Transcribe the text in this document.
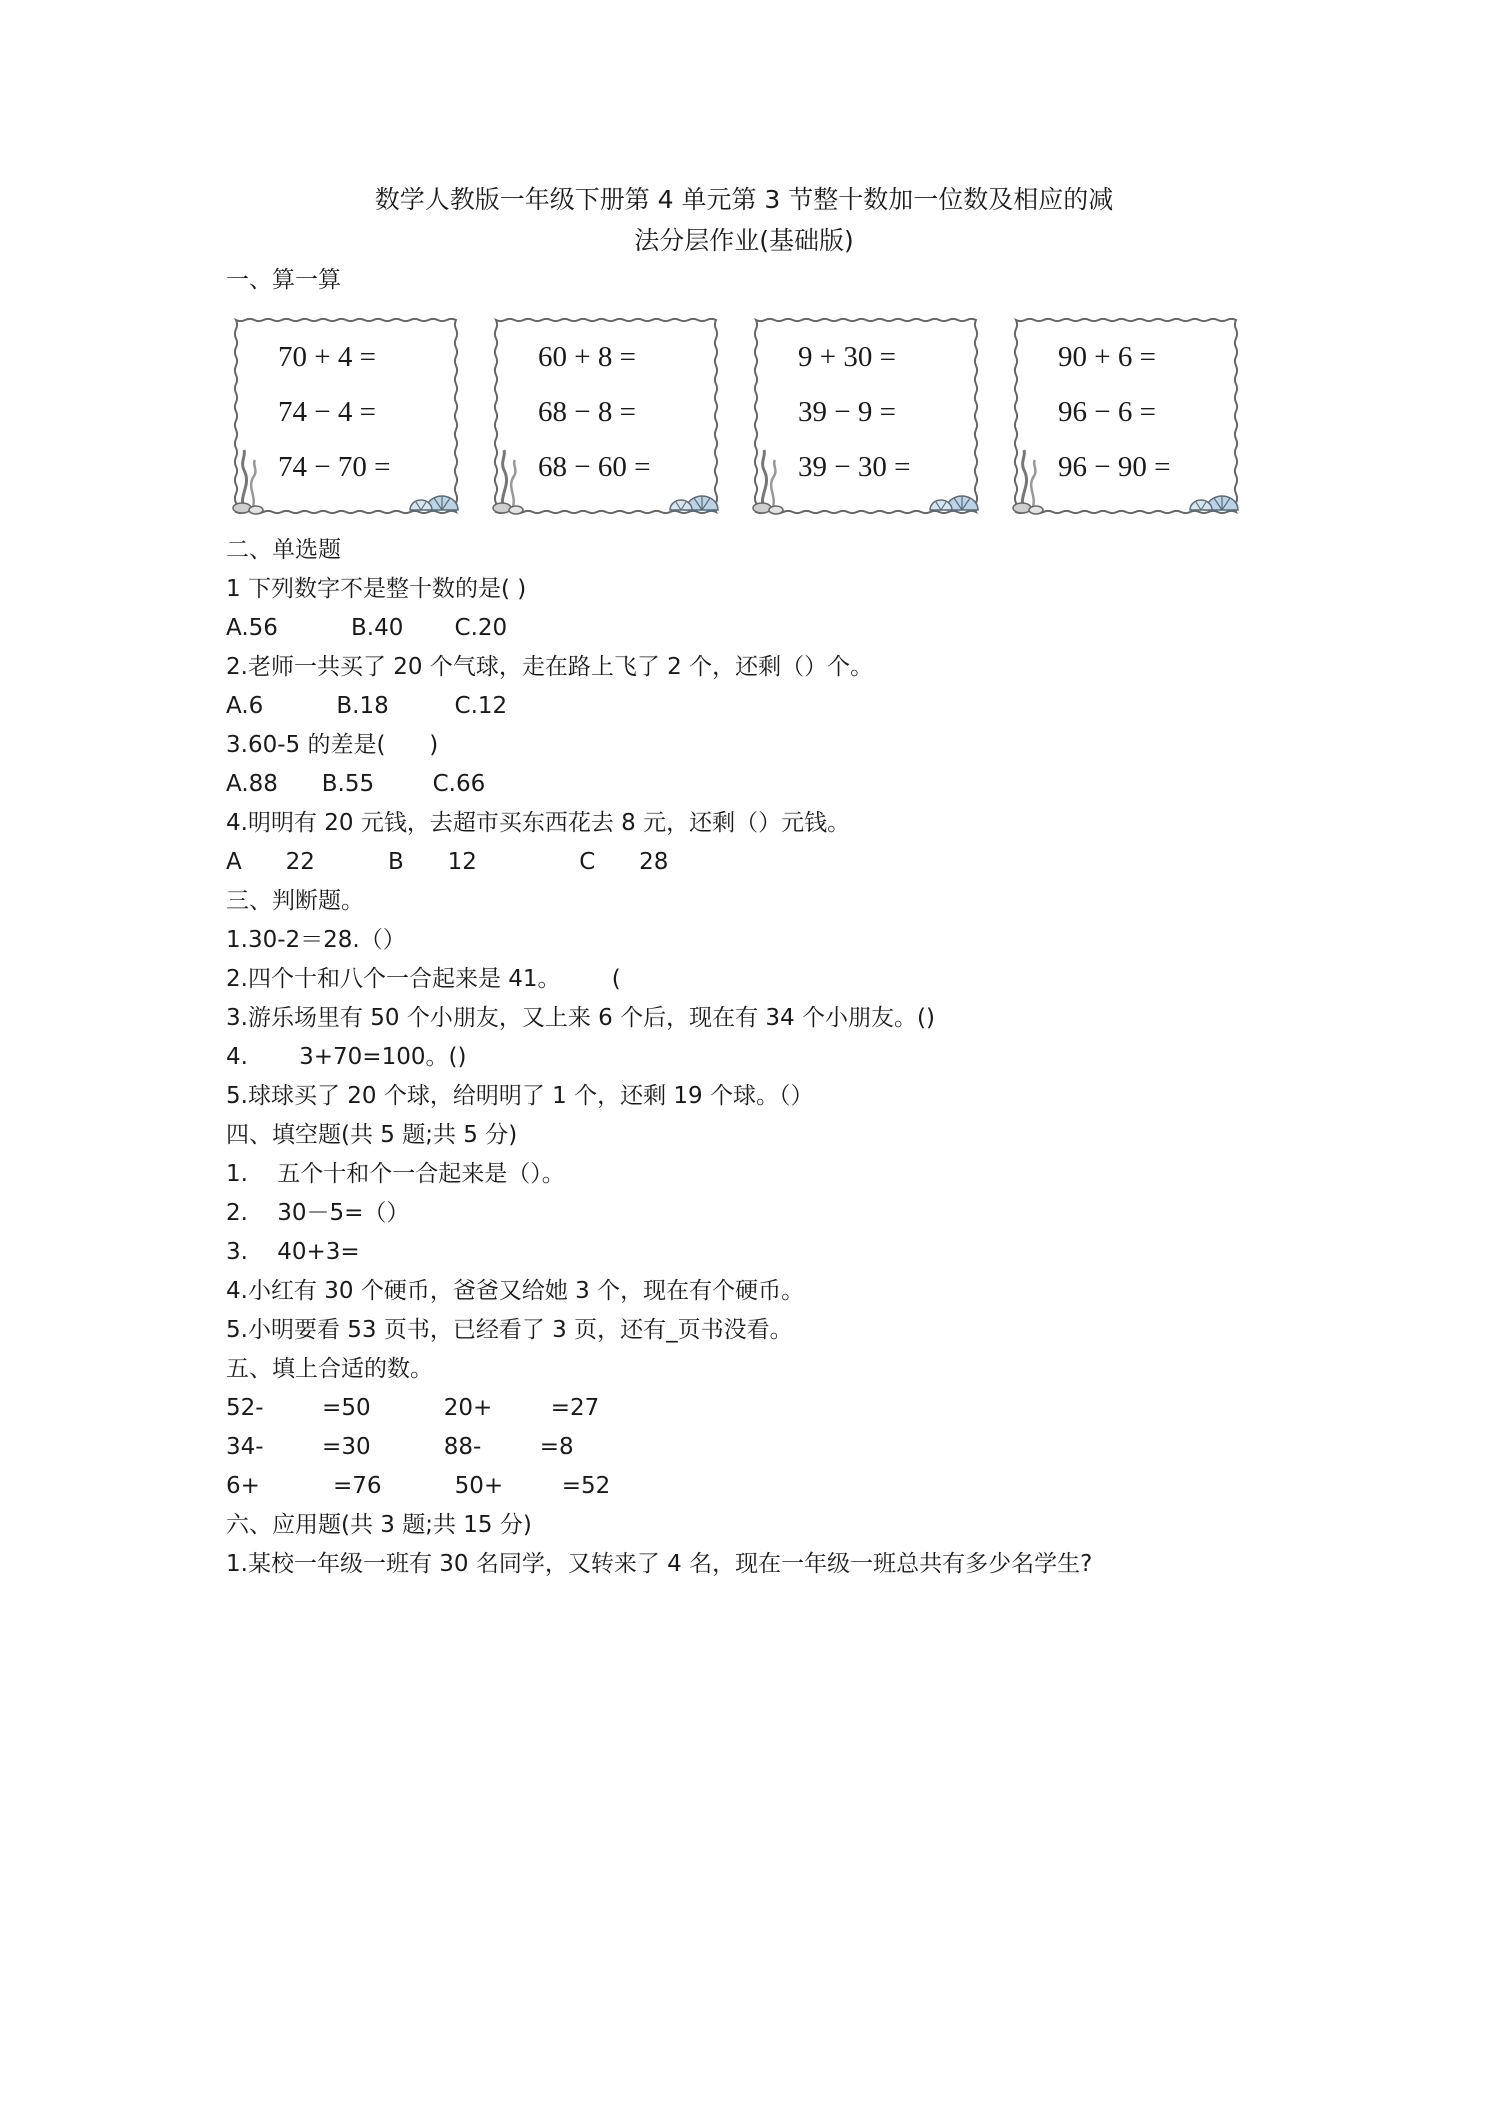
数学人教版一年级下册第 4 单元第 3 节整十数加一位数及相应的减
法分层作业(基础版)
一、算一算
70 + 4 =
74 − 4 =
74 − 70 =
60 + 8 =
68 − 8 =
68 − 60 =
9 + 30 =
39 − 9 =
39 − 30 =
90 + 6 =
96 − 6 =
96 − 90 =
二、单选题
1 下列数字不是整十数的是( )
A.56          B.40       C.20
2.老师一共买了 20 个气球，走在路上飞了 2 个，还剩（）个。
A.6          B.18         C.12
3.60-5 的差是(      )
A.88      B.55        C.66
4.明明有 20 元钱，去超市买东西花去 8 元，还剩（）元钱。
A      22          B      12              C      28
三、判断题。
1.30-2＝28.（）
2.四个十和八个一合起来是 41。       (
3.游乐场里有 50 个小朋友，又上来 6 个后，现在有 34 个小朋友。()
4.       3+70=100。()
5.球球买了 20 个球，给明明了 1 个，还剩 19 个球。（）
四、填空题(共 5 题;共 5 分)
1.    五个十和个一合起来是（）。
2.    30－5=（）
3.    40+3=
4.小红有 30 个硬币，爸爸又给她 3 个，现在有个硬币。
5.小明要看 53 页书，已经看了 3 页，还有_页书没看。
五、填上合适的数。
52-        =50          20+        =27
34-        =30          88-        =8
6+          =76          50+        =52
六、应用题(共 3 题;共 15 分)
1.某校一年级一班有 30 名同学，又转来了 4 名，现在一年级一班总共有多少名学生?
